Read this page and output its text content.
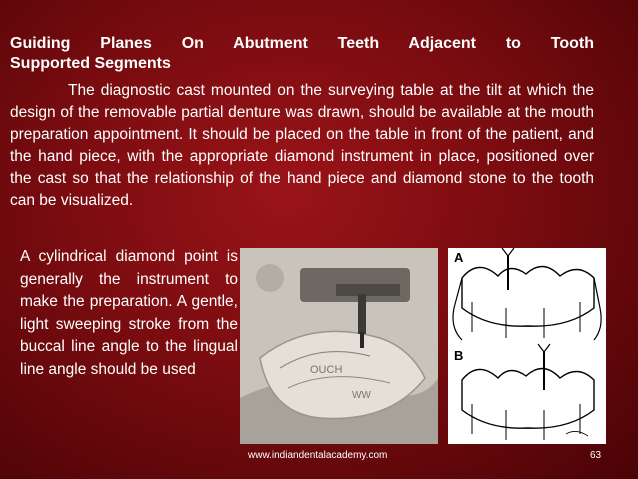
Guiding Planes On Abutment Teeth Adjacent to Tooth
Supported Segments
The diagnostic cast mounted on the surveying table at the tilt at which the design of the removable partial denture was drawn, should be available at the mouth preparation appointment. It should be placed on the table in front of the patient, and the hand piece, with the appropriate diamond instrument in place, positioned over the cast so that the relationship of the hand piece and diamond stone to the tooth can be visualized.
A cylindrical diamond point is generally the instrument to make the preparation. A gentle, light sweeping stroke from the buccal line angle to the lingual line angle should be used	OUCH
WW
A
B
www.indiandentalacademy.com	63
